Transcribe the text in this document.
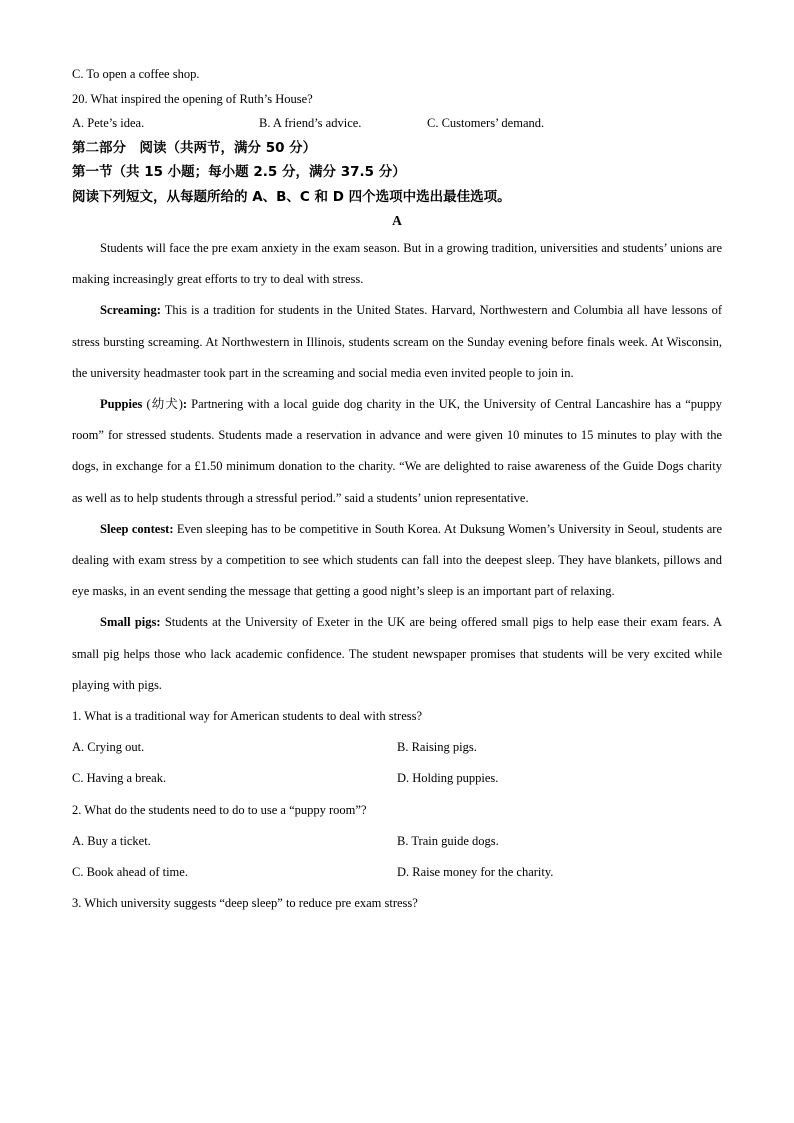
C. To open a coffee shop.

20. What inspired the opening of Ruth’s House?

A. Pete’s idea.	B. A friend’s advice.	C. Customers’ demand.

第二部分　阅读（共两节，满分 50 分）

第一节（共 15 小题；每小题 2.5 分，满分 37.5 分）

阅读下列短文，从每题所给的 A、B、C 和 D 四个选项中选出最佳选项。

A

Students will face the pre exam anxiety in the exam season. But in a growing tradition, universities and students’ unions are making increasingly great efforts to try to deal with stress.

Screaming: This is a tradition for students in the United States. Harvard, Northwestern and Columbia all have lessons of stress bursting screaming. At Northwestern in Illinois, students scream on the Sunday evening before finals week. At Wisconsin, the university headmaster took part in the screaming and social media even invited people to join in.

Puppies (幼犬): Partnering with a local guide dog charity in the UK, the University of Central Lancashire has a “puppy room” for stressed students. Students made a reservation in advance and were given 10 minutes to 15 minutes to play with the dogs, in exchange for a £1.50 minimum donation to the charity. “We are delighted to raise awareness of the Guide Dogs charity as well as to help students through a stressful period.” said a students’ union representative.

Sleep contest: Even sleeping has to be competitive in South Korea. At Duksung Women’s University in Seoul, students are dealing with exam stress by a competition to see which students can fall into the deepest sleep. They have blankets, pillows and eye masks, in an event sending the message that getting a good night’s sleep is an important part of relaxing.

Small pigs: Students at the University of Exeter in the UK are being offered small pigs to help ease their exam fears. A small pig helps those who lack academic confidence. The student newspaper promises that students will be very excited while playing with pigs.

1. What is a traditional way for American students to deal with stress?

A. Crying out.	B. Raising pigs.
C. Having a break.	D. Holding puppies.

2. What do the students need to do to use a “puppy room”?

A. Buy a ticket.	B. Train guide dogs.
C. Book ahead of time.	D. Raise money for the charity.

3. Which university suggests “deep sleep” to reduce pre exam stress?
